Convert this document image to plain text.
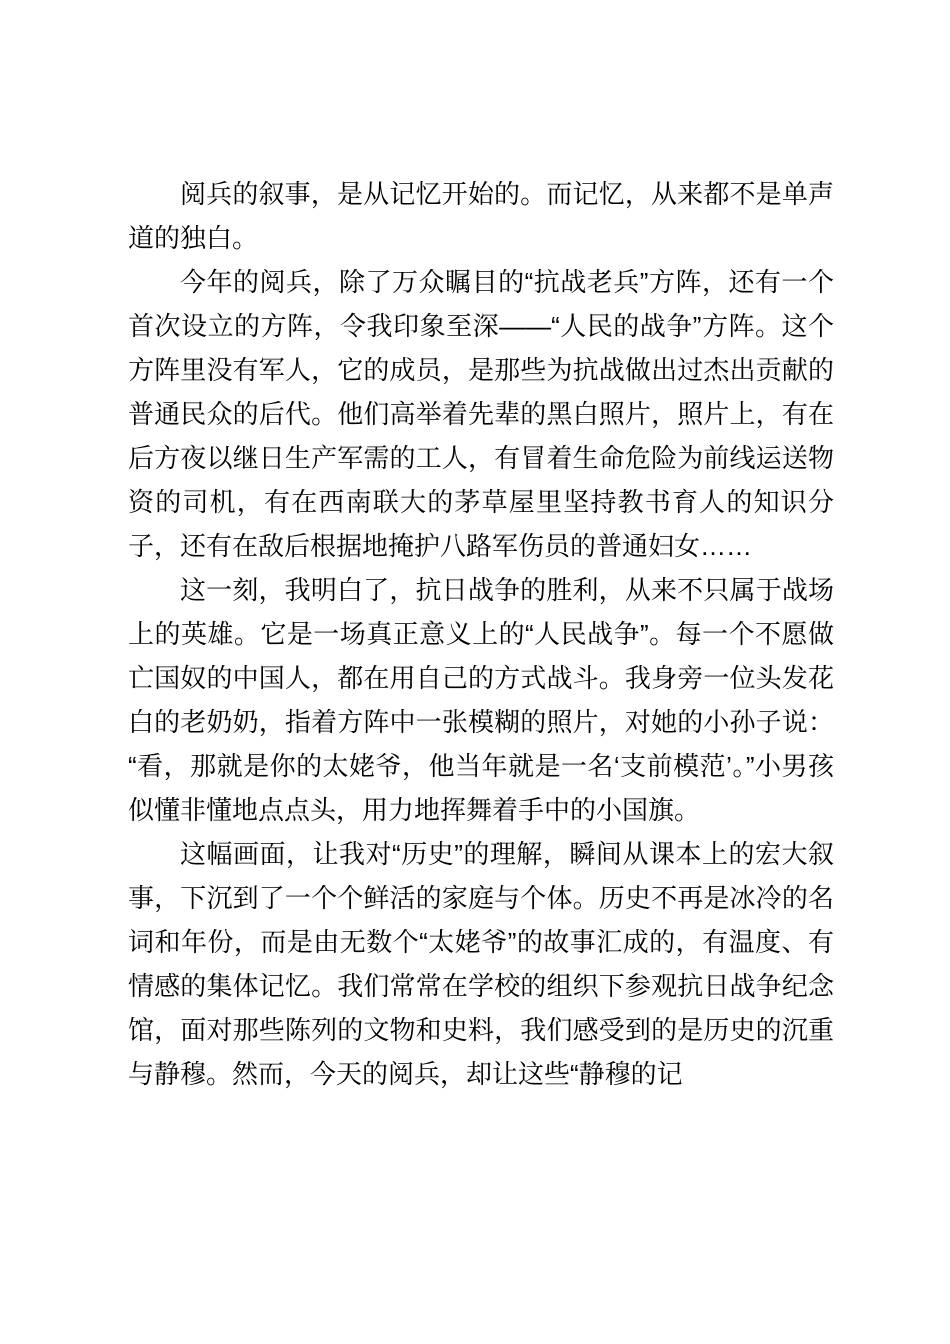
阅兵的叙事，是从记忆开始的。而记忆，从来都不是单声道的独白。

今年的阅兵，除了万众瞩目的“抗战老兵”方阵，还有一个首次设立的方阵，令我印象至深——“人民的战争”方阵。这个方阵里没有军人，它的成员，是那些为抗战做出过杰出贡献的普通民众的后代。他们高举着先辈的黑白照片，照片上，有在后方夜以继日生产军需的工人，有冒着生命危险为前线运送物资的司机，有在西南联大的茅草屋里坚持教书育人的知识分子，还有在敌后根据地掩护八路军伤员的普通妇女……

这一刻，我明白了，抗日战争的胜利，从来不只属于战场上的英雄。它是一场真正意义上的“人民战争”。每一个不愿做亡国奴的中国人，都在用自己的方式战斗。我身旁一位头发花白的老奶奶，指着方阵中一张模糊的照片，对她的小孙子说：“看，那就是你的太姥爷，他当年就是一名‘支前模范’。”小男孩似懂非懂地点点头，用力地挥舞着手中的小国旗。

这幅画面，让我对“历史”的理解，瞬间从课本上的宏大叙事，下沉到了一个个鲜活的家庭与个体。历史不再是冰冷的名词和年份，而是由无数个“太姥爷”的故事汇成的，有温度、有情感的集体记忆。我们常常在学校的组织下参观抗日战争纪念馆，面对那些陈列的文物和史料，我们感受到的是历史的沉重与静穆。然而，今天的阅兵，却让这些“静穆的记
